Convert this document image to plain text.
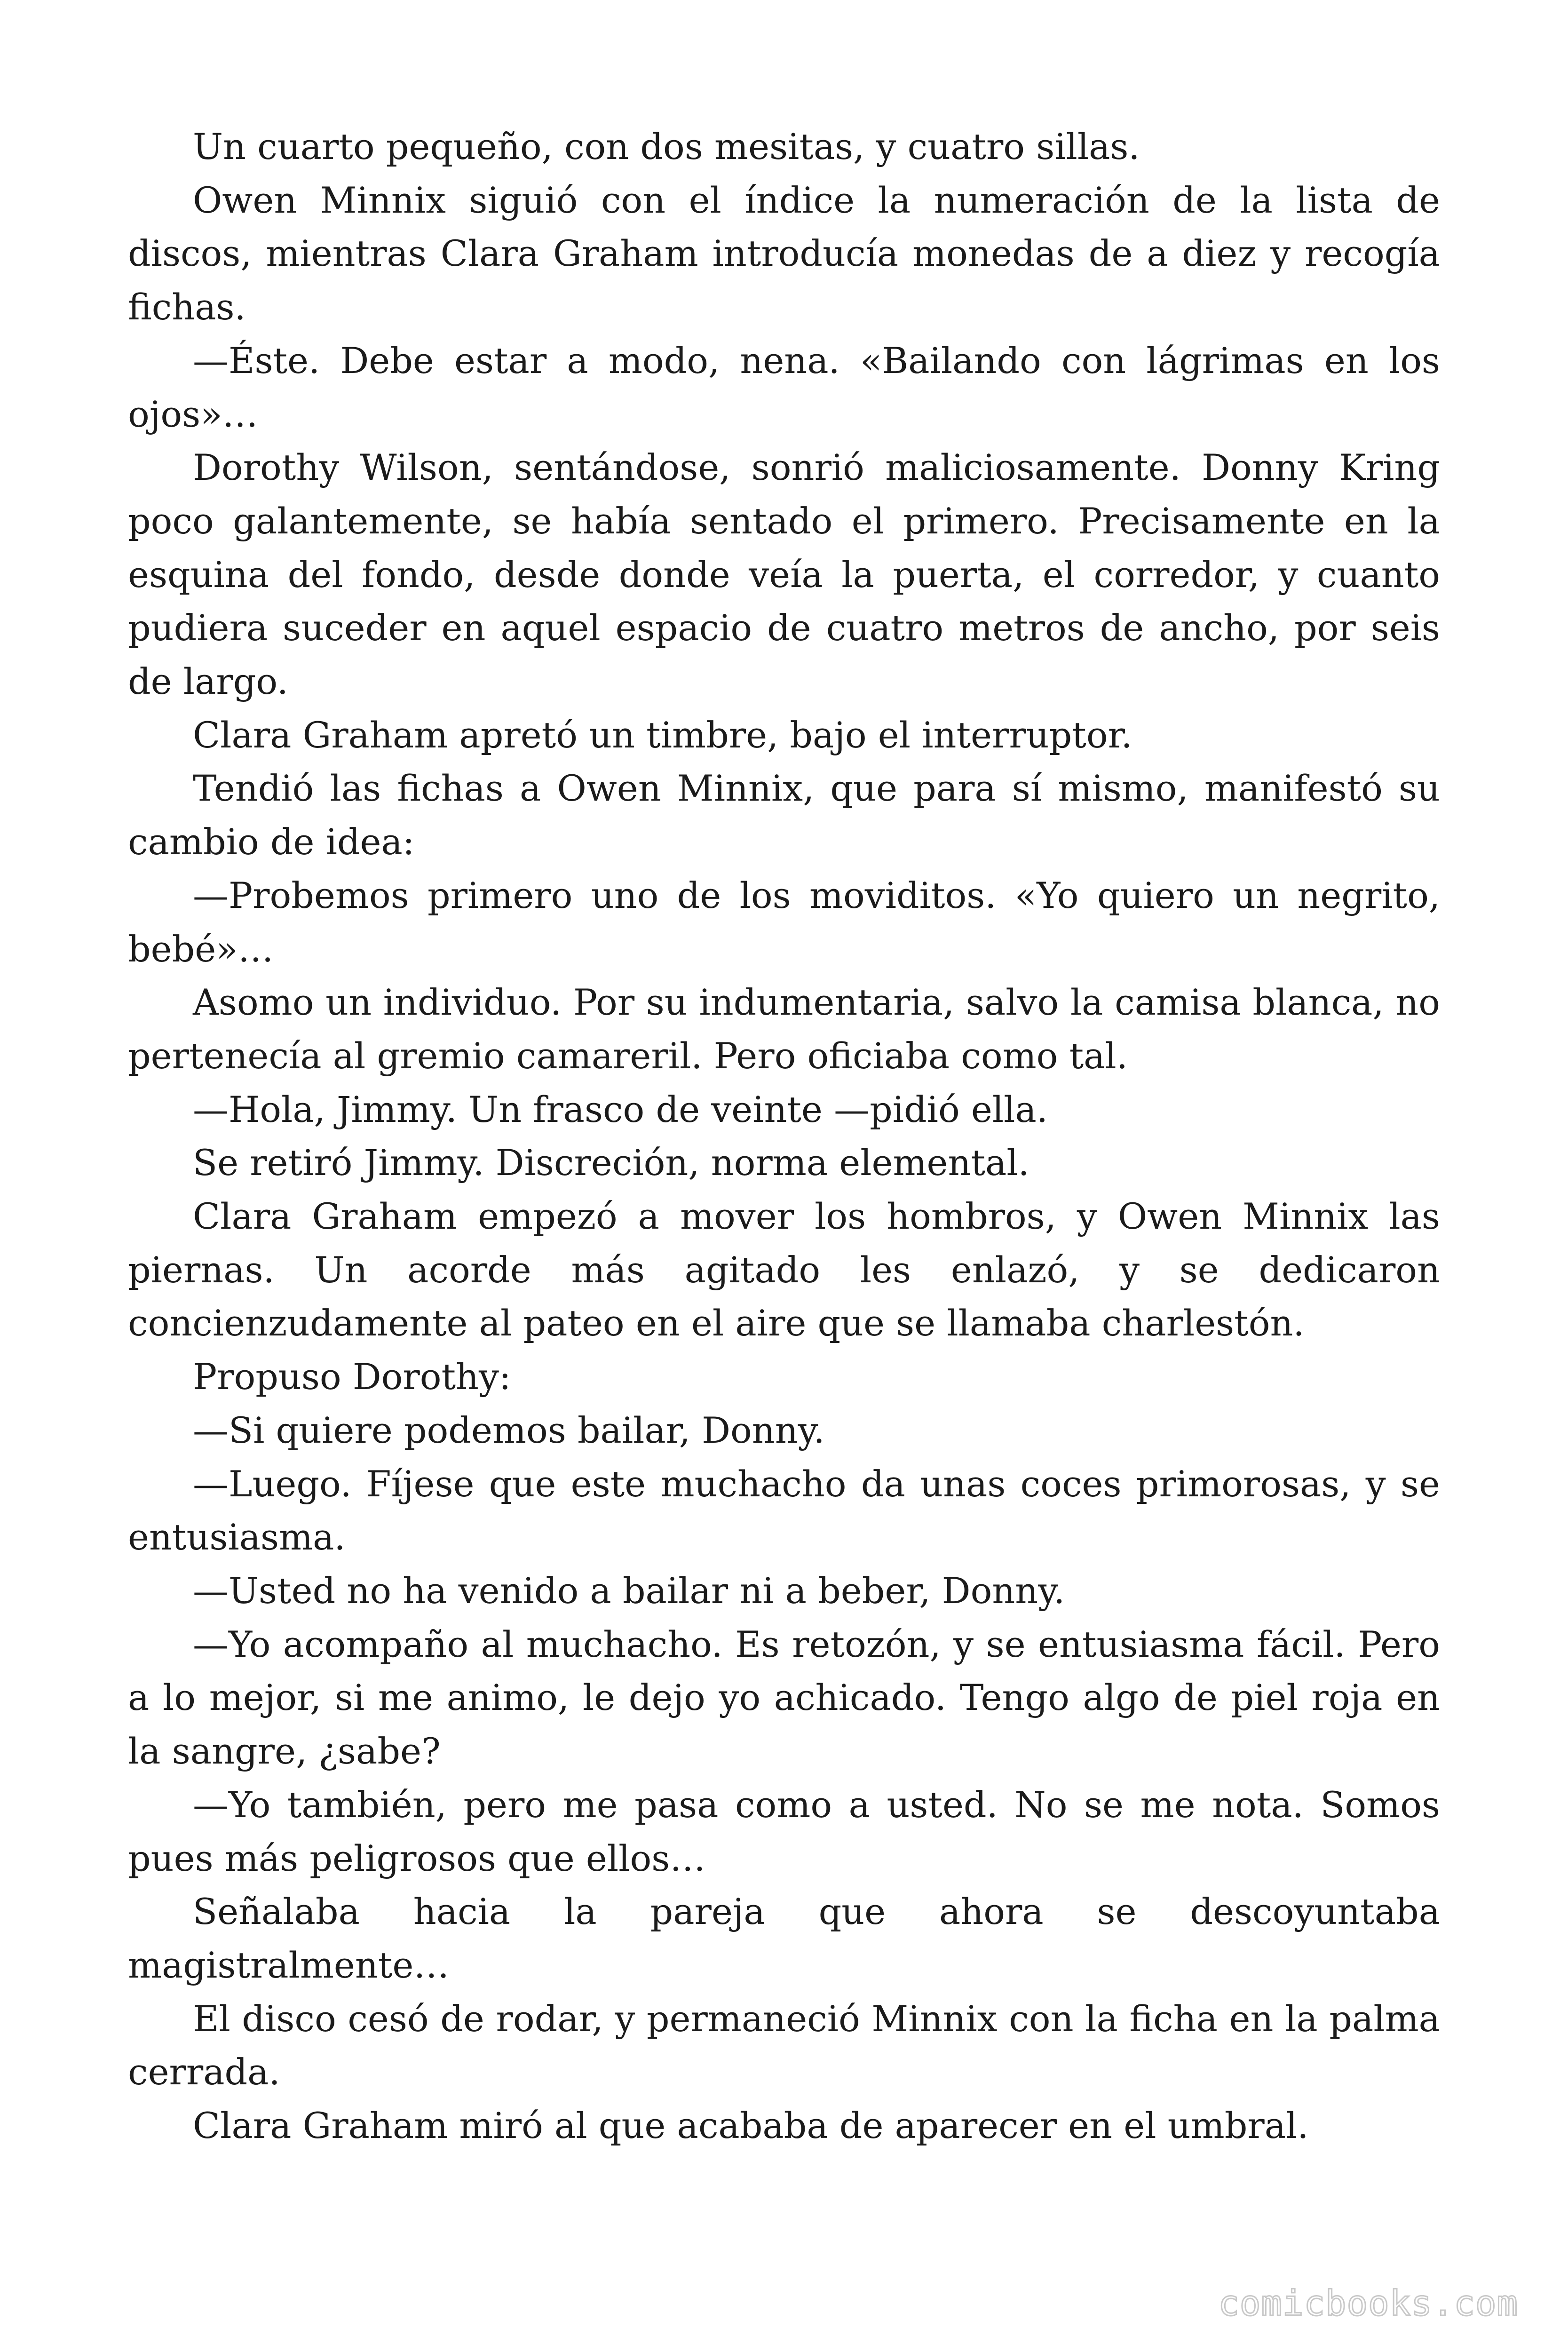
Un cuarto pequeño, con dos mesitas, y cuatro sillas.

Owen Minnix siguió con el índice la numeración de la lista de discos, mientras Clara Graham introducía monedas de a diez y recogía fichas.

—Éste. Debe estar a modo, nena. «Bailando con lágrimas en los ojos»…

Dorothy Wilson, sentándose, sonrió maliciosamente. Donny Kring poco galantemente, se había sentado el primero. Precisamente en la esquina del fondo, desde donde veía la puerta, el corredor, y cuanto pudiera suceder en aquel espacio de cuatro metros de ancho, por seis de largo.

Clara Graham apretó un timbre, bajo el interruptor.

Tendió las fichas a Owen Minnix, que para sí mismo, manifestó su cambio de idea:

—Probemos primero uno de los moviditos. «Yo quiero un negrito, bebé»…

Asomo un individuo. Por su indumentaria, salvo la camisa blanca, no pertenecía al gremio camareril. Pero oficiaba como tal.

—Hola, Jimmy. Un frasco de veinte —pidió ella.

Se retiró Jimmy. Discreción, norma elemental.

Clara Graham empezó a mover los hombros, y Owen Minnix las piernas. Un acorde más agitado les enlazó, y se dedicaron concienzudamente al pateo en el aire que se llamaba charlestón.

Propuso Dorothy:

—Si quiere podemos bailar, Donny.

—Luego. Fíjese que este muchacho da unas coces primorosas, y se entusiasma.

—Usted no ha venido a bailar ni a beber, Donny.

—Yo acompaño al muchacho. Es retozón, y se entusiasma fácil. Pero a lo mejor, si me animo, le dejo yo achicado. Tengo algo de piel roja en la sangre, ¿sabe?

—Yo también, pero me pasa como a usted. No se me nota. Somos pues más peligrosos que ellos…

Señalaba hacia la pareja que ahora se descoyuntaba magistralmente…

El disco cesó de rodar, y permaneció Minnix con la ficha en la palma cerrada.

Clara Graham miró al que acababa de aparecer en el umbral.

comicbooks.com
